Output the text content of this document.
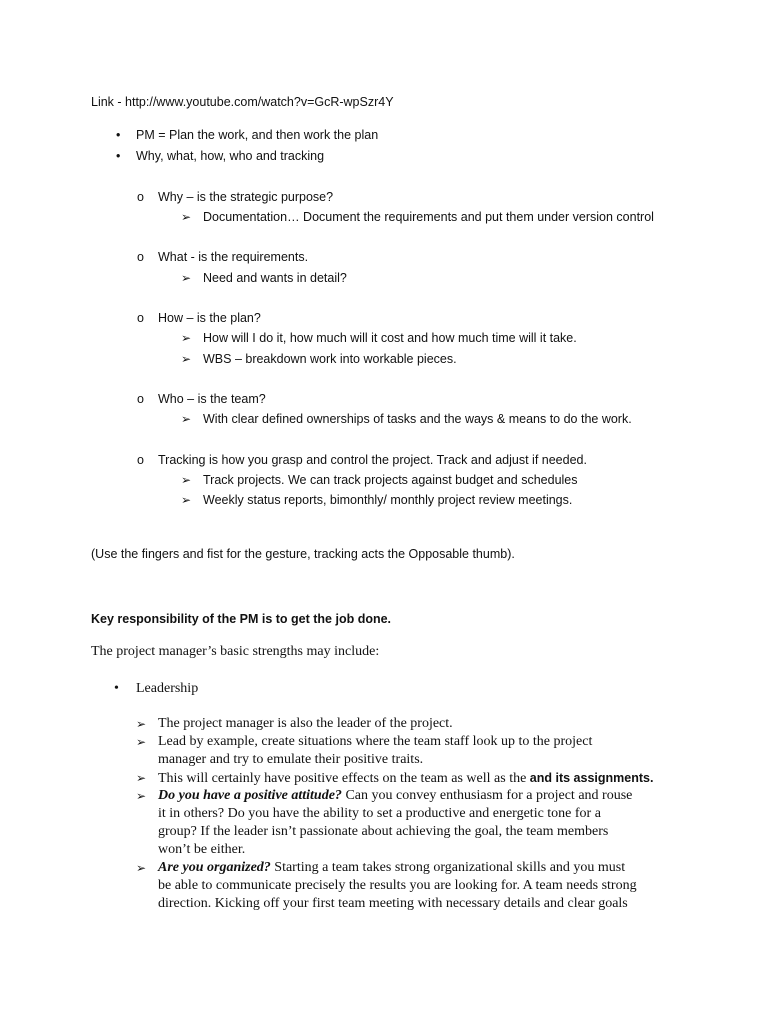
Link - http://www.youtube.com/watch?v=GcR-wpSzr4Y
• PM = Plan the work, and then work the plan
• Why, what, how, who and tracking
o Why – is the strategic purpose?
➢ Documentation… Document the requirements and put them under version control
o What - is the requirements.
➢ Need and wants in detail?
o How – is the plan?
➢ How will I do it, how much will it cost and how much time will it take.
➢ WBS – breakdown work into workable pieces.
o Who – is the team?
➢ With clear defined ownerships of tasks and the ways & means to do the work.
o Tracking is how you grasp and control the project. Track and adjust if needed.
➢ Track projects. We can track projects against budget and schedules
➢ Weekly status reports, bimonthly/ monthly project review meetings.
(Use the fingers and fist for the gesture, tracking acts the Opposable thumb).
Key responsibility of the PM is to get the job done.
The project manager’s basic strengths may include:
• Leadership
➢ The project manager is also the leader of the project.
➢ Lead by example, create situations where the team staff look up to the project
manager and try to emulate their positive traits.
➢ This will certainly have positive effects on the team as well as the and its assignments.
➢ Do you have a positive attitude? Can you convey enthusiasm for a project and rouse
it in others? Do you have the ability to set a productive and energetic tone for a
group? If the leader isn’t passionate about achieving the goal, the team members
won’t be either.
➢ Are you organized? Starting a team takes strong organizational skills and you must
be able to communicate precisely the results you are looking for. A team needs strong
direction. Kicking off your first team meeting with necessary details and clear goals
